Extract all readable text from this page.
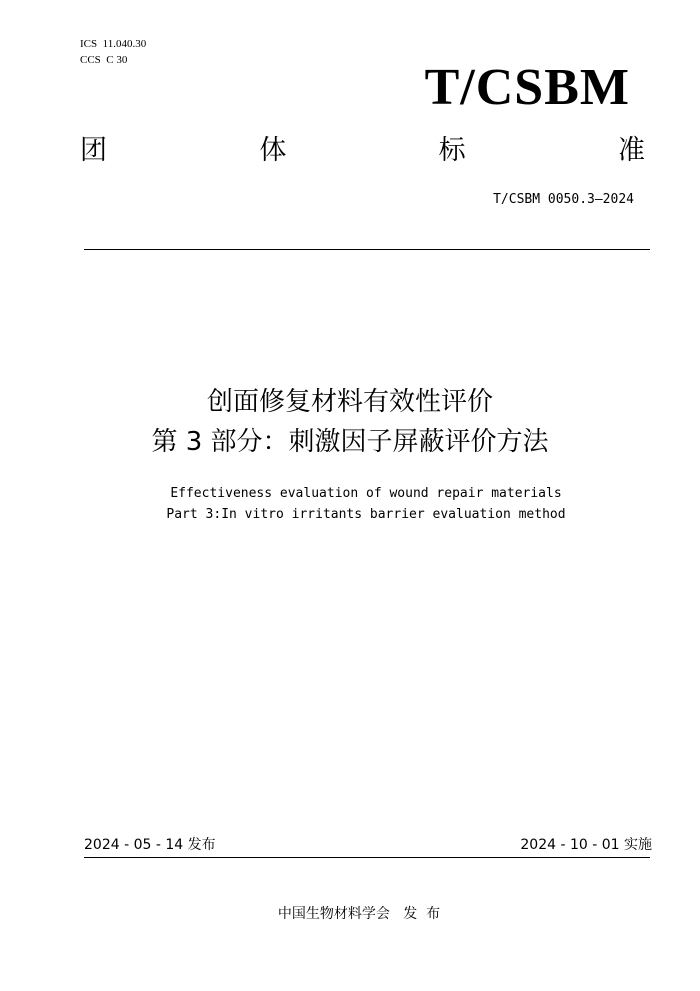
ICS  11.040.30
CCS  C 30	T/CSBM
团	体	标	准
T/CSBM 0050.3—2024
创面修复材料有效性评价
第 3 部分：刺激因子屏蔽评价方法
Effectiveness evaluation of wound repair materials
Part 3:In vitro irritants barrier evaluation method
2024 - 05 - 14 发布	2024 - 10 - 01 实施
中国生物材料学会   发  布
